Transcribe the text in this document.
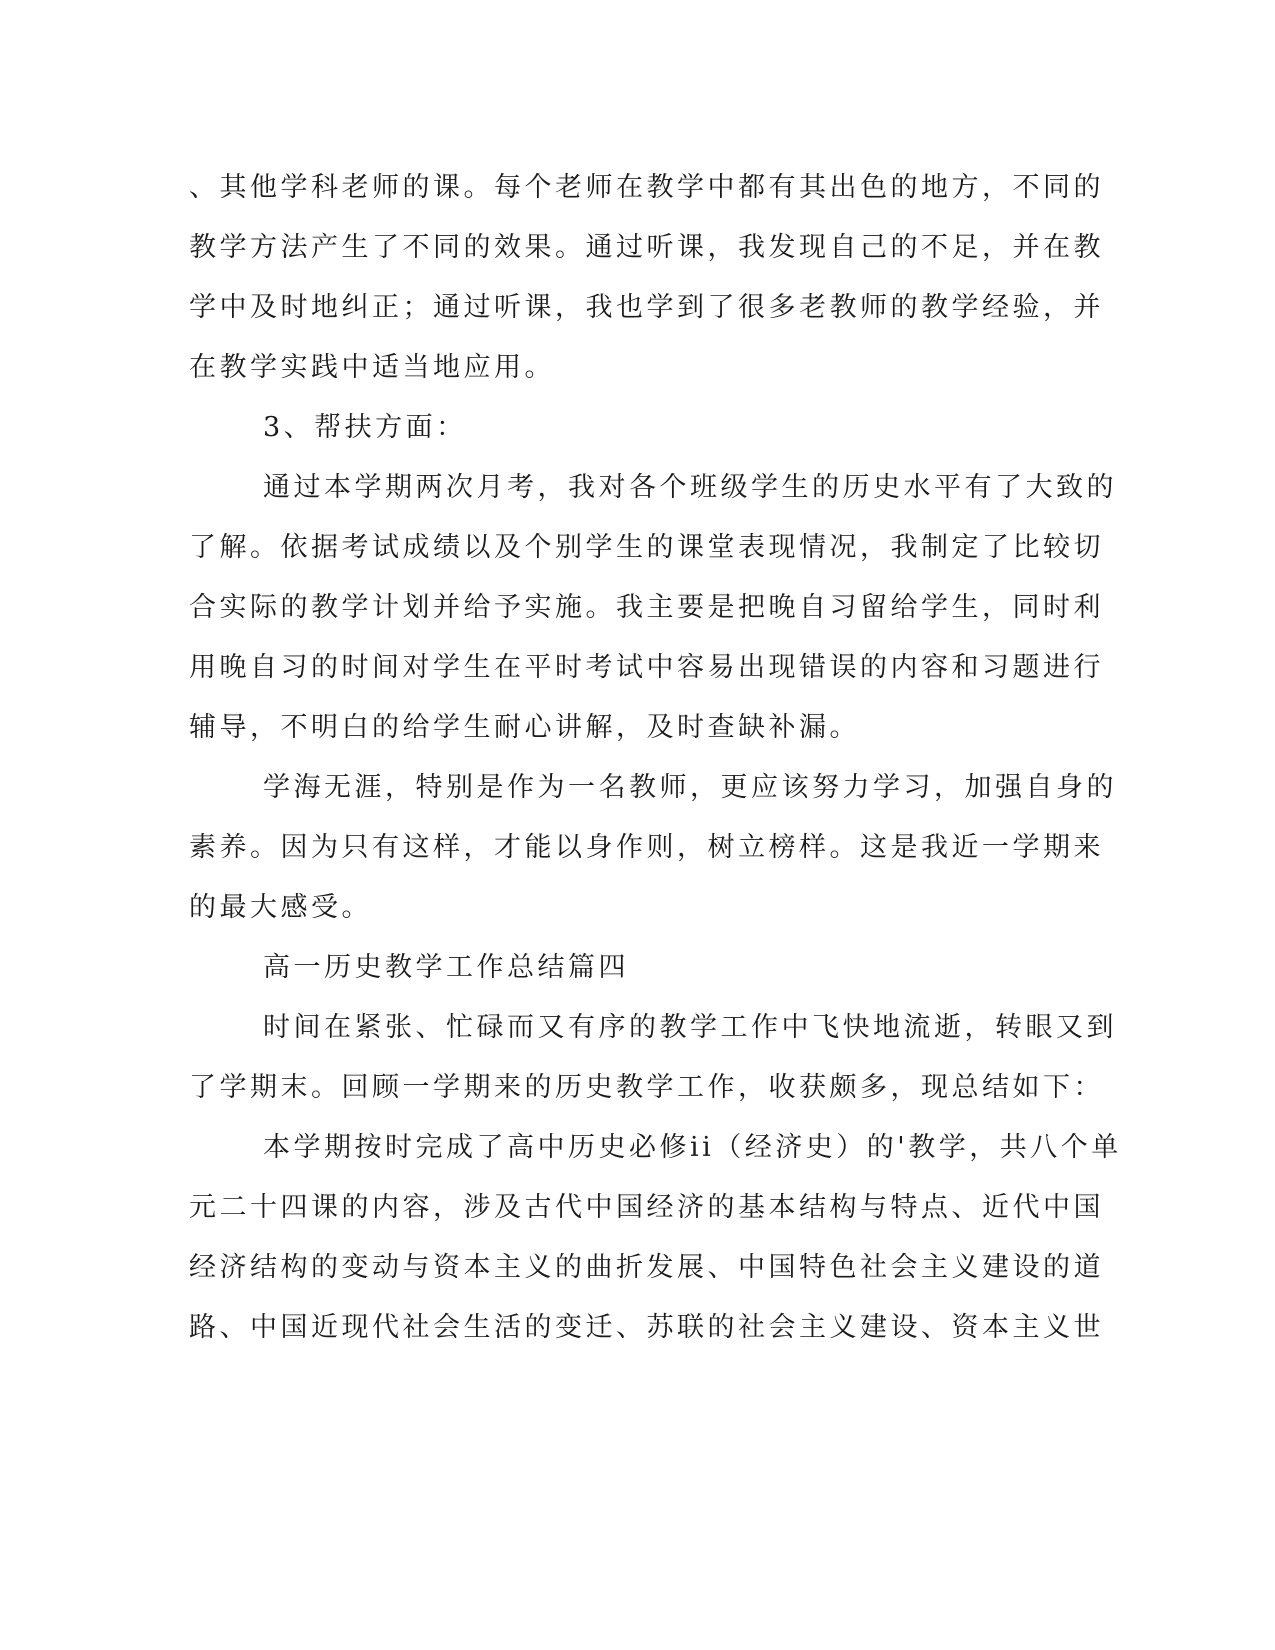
、其他学科老师的课。每个老师在教学中都有其出色的地方，不同的
教学方法产生了不同的效果。通过听课，我发现自己的不足，并在教
学中及时地纠正；通过听课，我也学到了很多老教师的教学经验，并
在教学实践中适当地应用。
3、帮扶方面：
通过本学期两次月考，我对各个班级学生的历史水平有了大致的
了解。依据考试成绩以及个别学生的课堂表现情况，我制定了比较切
合实际的教学计划并给予实施。我主要是把晚自习留给学生，同时利
用晚自习的时间对学生在平时考试中容易出现错误的内容和习题进行
辅导，不明白的给学生耐心讲解，及时查缺补漏。
学海无涯，特别是作为一名教师，更应该努力学习，加强自身的
素养。因为只有这样，才能以身作则，树立榜样。这是我近一学期来
的最大感受。
高一历史教学工作总结篇四
时间在紧张、忙碌而又有序的教学工作中飞快地流逝，转眼又到
了学期末。回顾一学期来的历史教学工作，收获颇多，现总结如下：
本学期按时完成了高中历史必修ii（经济史）的'教学，共八个单
元二十四课的内容，涉及古代中国经济的基本结构与特点、近代中国
经济结构的变动与资本主义的曲折发展、中国特色社会主义建设的道
路、中国近现代社会生活的变迁、苏联的社会主义建设、资本主义世
